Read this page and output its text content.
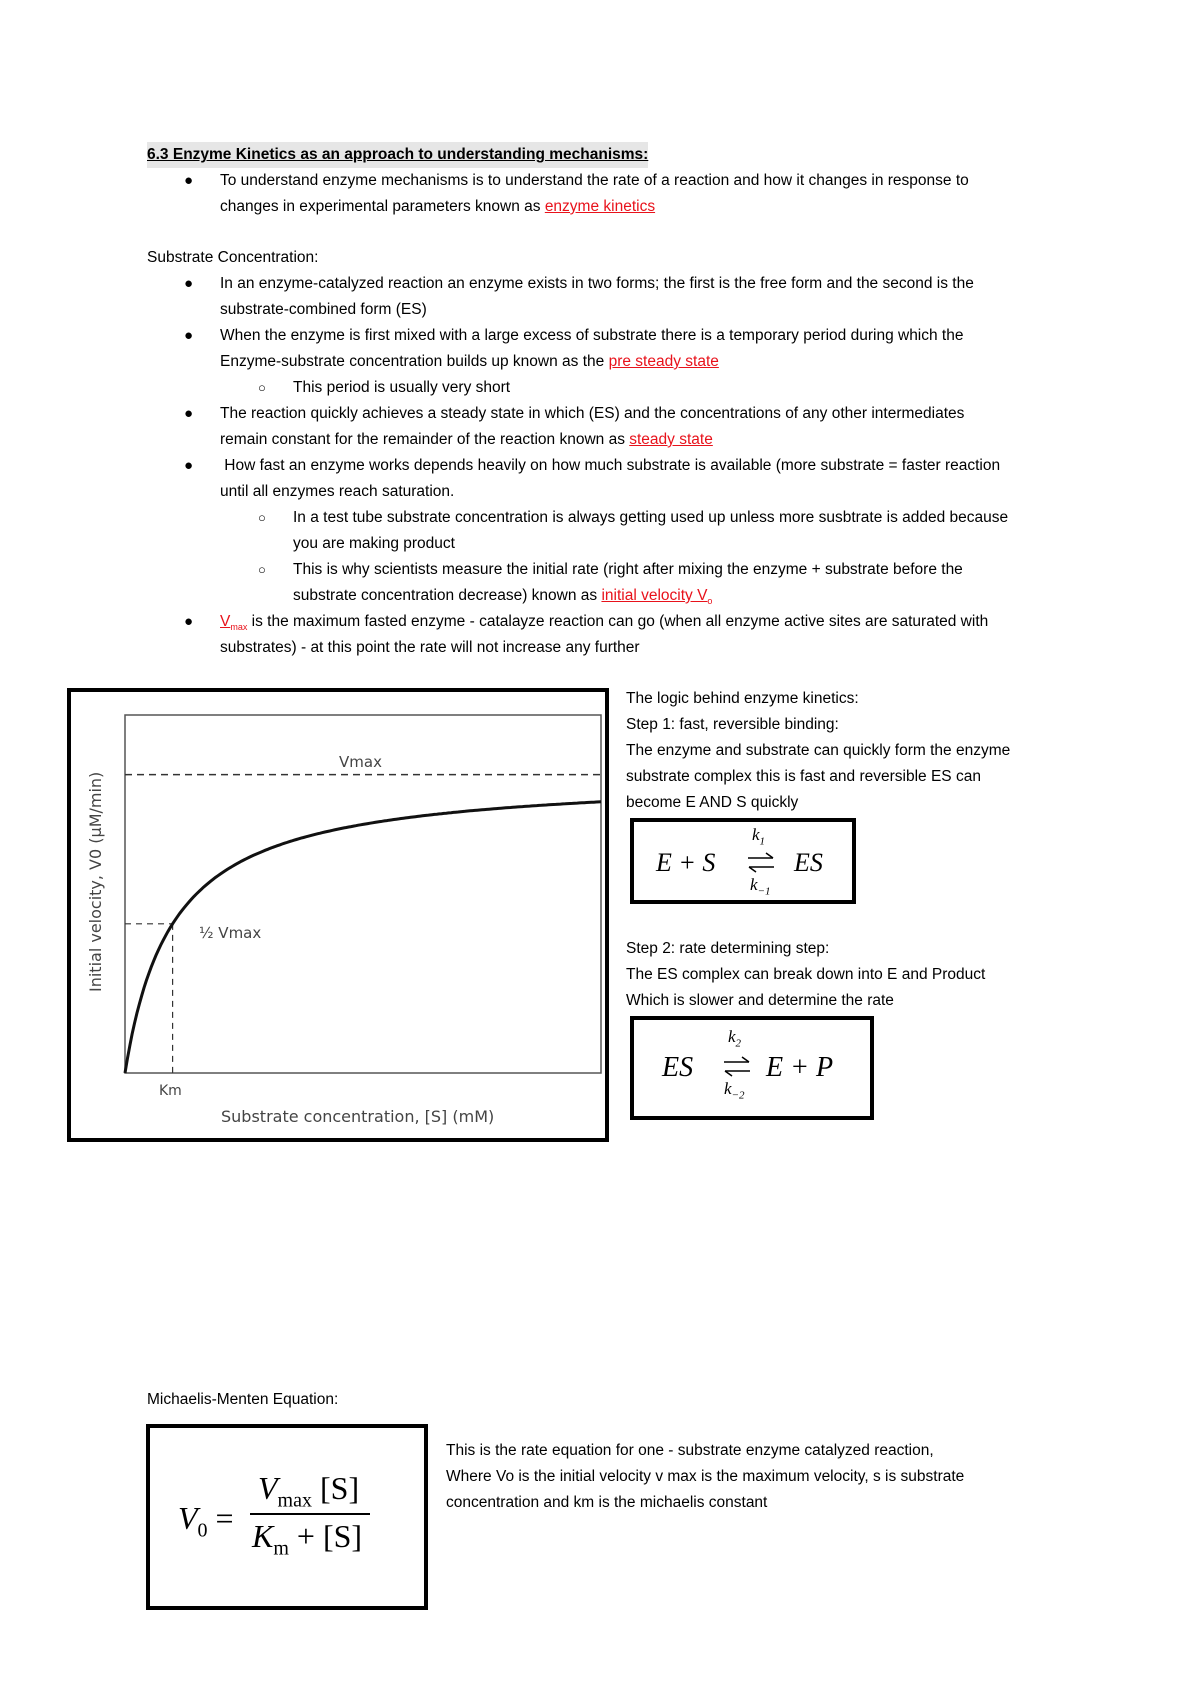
6.3 Enzyme Kinetics as an approach to understanding mechanisms:
● To understand enzyme mechanisms is to understand the rate of a reaction and how it changes in response to
changes in experimental parameters known as enzyme kinetics
Substrate Concentration:
● In an enzyme-catalyzed reaction an enzyme exists in two forms; the first is the free form and the second is the
substrate-combined form (ES)
● When the enzyme is first mixed with a large excess of substrate there is a temporary period during which the
Enzyme-substrate concentration builds up known as the pre steady state
○ This period is usually very short
● The reaction quickly achieves a steady state in which (ES) and the concentrations of any other intermediates
remain constant for the remainder of the reaction known as steady state
● How fast an enzyme works depends heavily on how much substrate is available (more substrate = faster reaction
until all enzymes reach saturation.
○ In a test tube substrate concentration is always getting used up unless more susbtrate is added because
you are making product
○ This is why scientists measure the initial rate (right after mixing the enzyme + substrate before the
substrate concentration decrease) known as initial velocity $V_o$
● $V_{max}$ is the maximum fasted enzyme - catalayze reaction can go (when all enzyme active sites are saturated with
substrates) - at this point the rate will not increase any further
Vmax
½ Vmax
Km
Substrate concentration, [S] (mM)
Initial velocity, V0 (μM/min)
The logic behind enzyme kinetics:
Step 1: fast, reversible binding:
The enzyme and substrate can quickly form the enzyme
substrate complex this is fast and reversible ES can
become E AND S quickly
E + S
$k_1$
$k_{-1}$
ES
Step 2: rate determining step:
The ES complex can break down into E and Product
Which is slower and determine the rate
ES
$k_2$
$k_{-2}$
E + P
Michaelis-Menten Equation:
$V_0$ =
$V_{max}$ [S]
$K_m + [S]$
This is the rate equation for one - substrate enzyme catalyzed reaction,
Where Vo is the initial velocity v max is the maximum velocity, s is substrate
concentration and km is the michaelis constant
